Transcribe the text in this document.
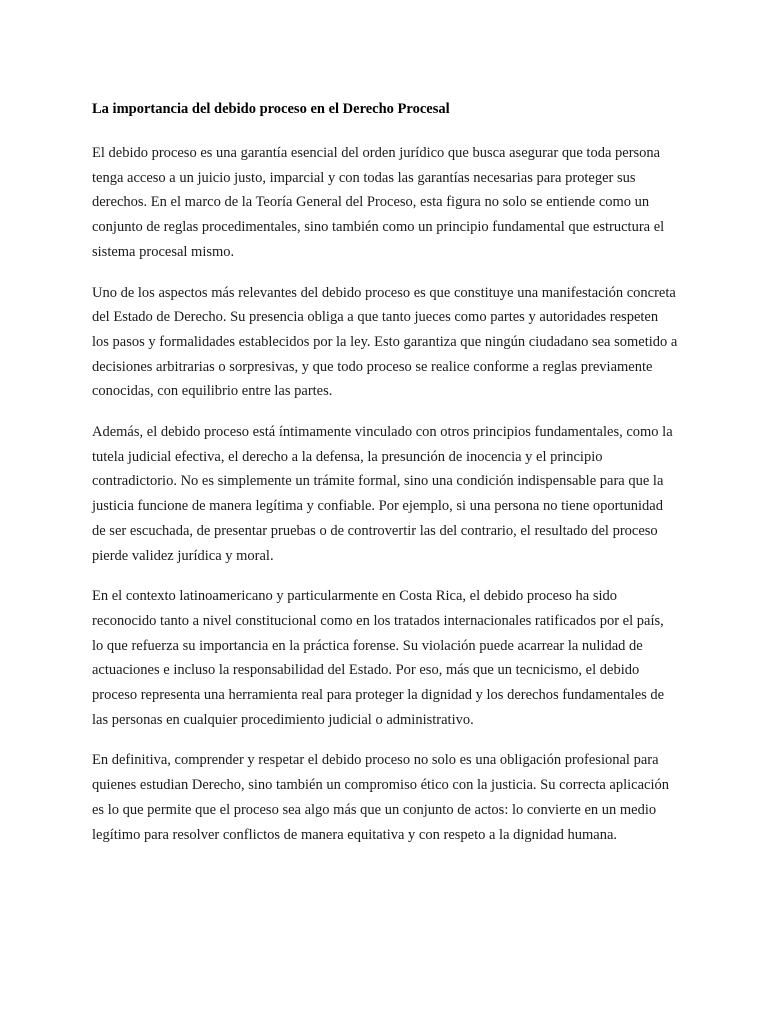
La importancia del debido proceso en el Derecho Procesal

El debido proceso es una garantía esencial del orden jurídico que busca asegurar que toda persona tenga acceso a un juicio justo, imparcial y con todas las garantías necesarias para proteger sus derechos. En el marco de la Teoría General del Proceso, esta figura no solo se entiende como un conjunto de reglas procedimentales, sino también como un principio fundamental que estructura el sistema procesal mismo.

Uno de los aspectos más relevantes del debido proceso es que constituye una manifestación concreta del Estado de Derecho. Su presencia obliga a que tanto jueces como partes y autoridades respeten los pasos y formalidades establecidos por la ley. Esto garantiza que ningún ciudadano sea sometido a decisiones arbitrarias o sorpresivas, y que todo proceso se realice conforme a reglas previamente conocidas, con equilibrio entre las partes.

Además, el debido proceso está íntimamente vinculado con otros principios fundamentales, como la tutela judicial efectiva, el derecho a la defensa, la presunción de inocencia y el principio contradictorio. No es simplemente un trámite formal, sino una condición indispensable para que la justicia funcione de manera legítima y confiable. Por ejemplo, si una persona no tiene oportunidad de ser escuchada, de presentar pruebas o de controvertir las del contrario, el resultado del proceso pierde validez jurídica y moral.

En el contexto latinoamericano y particularmente en Costa Rica, el debido proceso ha sido reconocido tanto a nivel constitucional como en los tratados internacionales ratificados por el país, lo que refuerza su importancia en la práctica forense. Su violación puede acarrear la nulidad de actuaciones e incluso la responsabilidad del Estado. Por eso, más que un tecnicismo, el debido proceso representa una herramienta real para proteger la dignidad y los derechos fundamentales de las personas en cualquier procedimiento judicial o administrativo.

En definitiva, comprender y respetar el debido proceso no solo es una obligación profesional para quienes estudian Derecho, sino también un compromiso ético con la justicia. Su correcta aplicación es lo que permite que el proceso sea algo más que un conjunto de actos: lo convierte en un medio legítimo para resolver conflictos de manera equitativa y con respeto a la dignidad humana.
